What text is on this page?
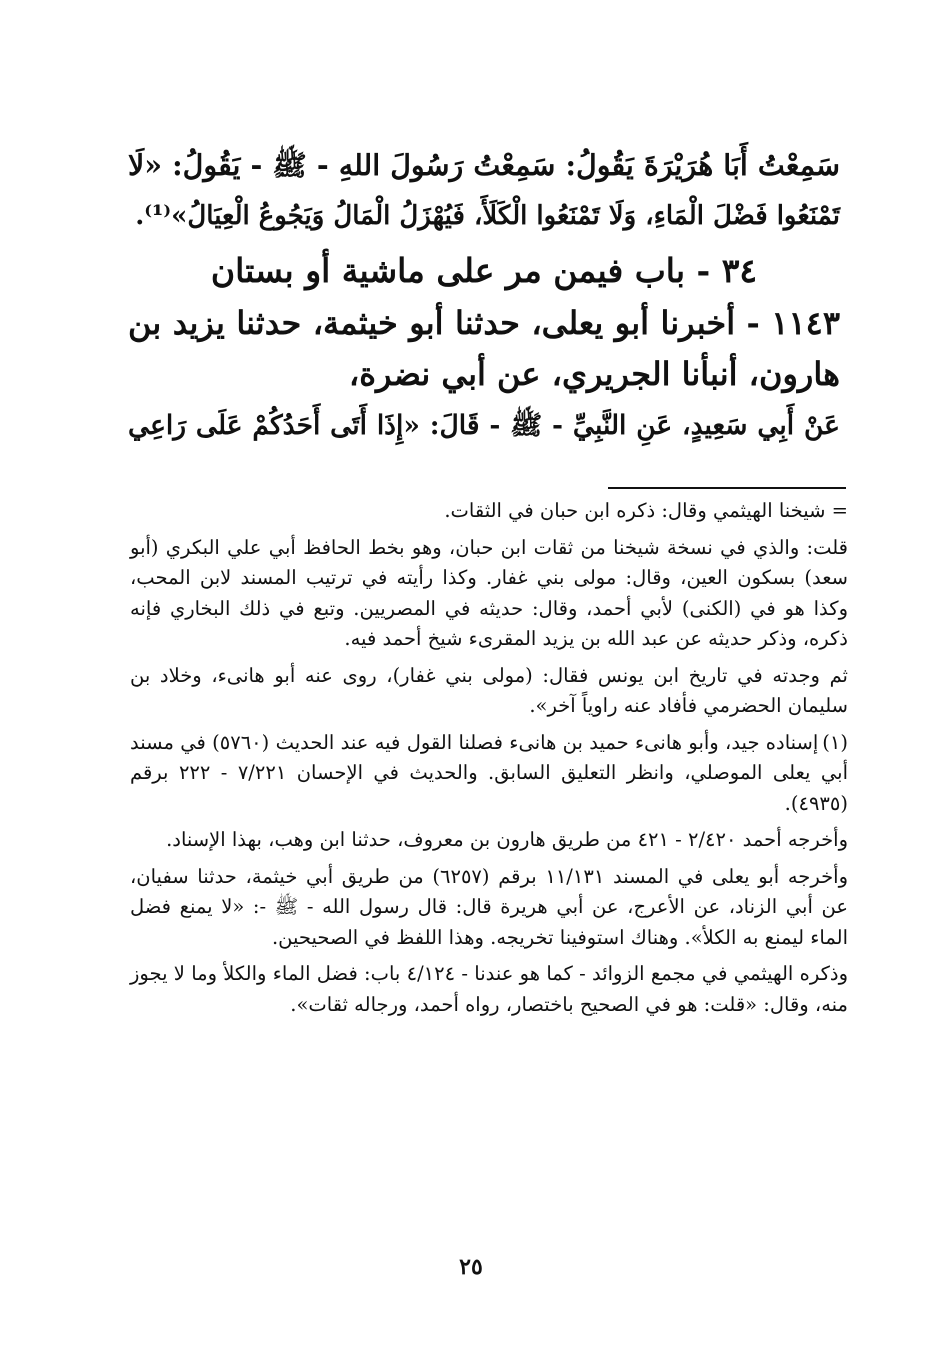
سَمِعْتُ أَبَا هُرَيْرَةَ يَقُولُ: سَمِعْتُ رَسُولَ اللهِ - ﷺ - يَقُولُ: «لَا
تَمْنَعُوا فَضْلَ الْمَاءِ، وَلَا تَمْنَعُوا الْكَلَأَ، فَيُهْزَلُ الْمَالُ وَيَجُوعُ الْعِيَالُ»⁽¹⁾.
٣٤ - باب فيمن مر على ماشية أو بستان
١١٤٣ - أخبرنا أبو يعلى، حدثنا أبو خيثمة، حدثنا يزيد بن
هارون، أنبأنا الجريري، عن أبي نضرة،
عَنْ أَبِي سَعِيدٍ، عَنِ النَّبِيِّ - ﷺ - قَالَ: «إِذَا أَتَى أَحَدُكُمْ عَلَى رَاعِي
= شيخنا الهيثمي وقال: ذكره ابن حبان في الثقات.
قلت: والذي في نسخة شيخنا من ثقات ابن حبان، وهو بخط الحافظ أبي علي البكري (أبو سعد) بسكون العين، وقال: مولى بني غفار. وكذا رأيته في ترتيب المسند لابن المحب، وكذا هو في (الكنى) لأبي أحمد، وقال: حديثه في المصريين. وتبع في ذلك البخاري فإنه ذكره، وذكر حديثه عن عبد الله بن يزيد المقرىء شيخ أحمد فيه.
ثم وجدته في تاريخ ابن يونس فقال: (مولى بني غفار)، روى عنه أبو هانىء، وخلاد بن سليمان الحضرمي فأفاد عنه راوياً آخر».
(١)إسناده جيد، وأبو هانىء حميد بن هانىء فصلنا القول فيه عند الحديث (٥٧٦٠) في مسند أبي يعلى الموصلي، وانظر التعليق السابق. والحديث في الإحسان ٧/٢٢١ - ٢٢٢ برقم (٤٩٣٥).
وأخرجه أحمد ٢/٤٢٠ - ٤٢١ من طريق هارون بن معروف، حدثنا ابن وهب، بهذا الإسناد.
وأخرجه أبو يعلى في المسند ١١/١٣١ برقم (٦٢٥٧) من طريق أبي خيثمة، حدثنا سفيان، عن أبي الزناد، عن الأعرج، عن أبي هريرة قال: قال رسول الله - ﷺ -: «لا يمنع فضل الماء ليمنع به الكلأ». وهناك استوفينا تخريجه. وهذا اللفظ في الصحيحين.
وذكره الهيثمي في مجمع الزوائد - كما هو عندنا - ٤/١٢٤ باب: فضل الماء والكلأ وما لا يجوز منه، وقال: «قلت: هو في الصحيح باختصار، رواه أحمد، ورجاله ثقات».
٢٥
